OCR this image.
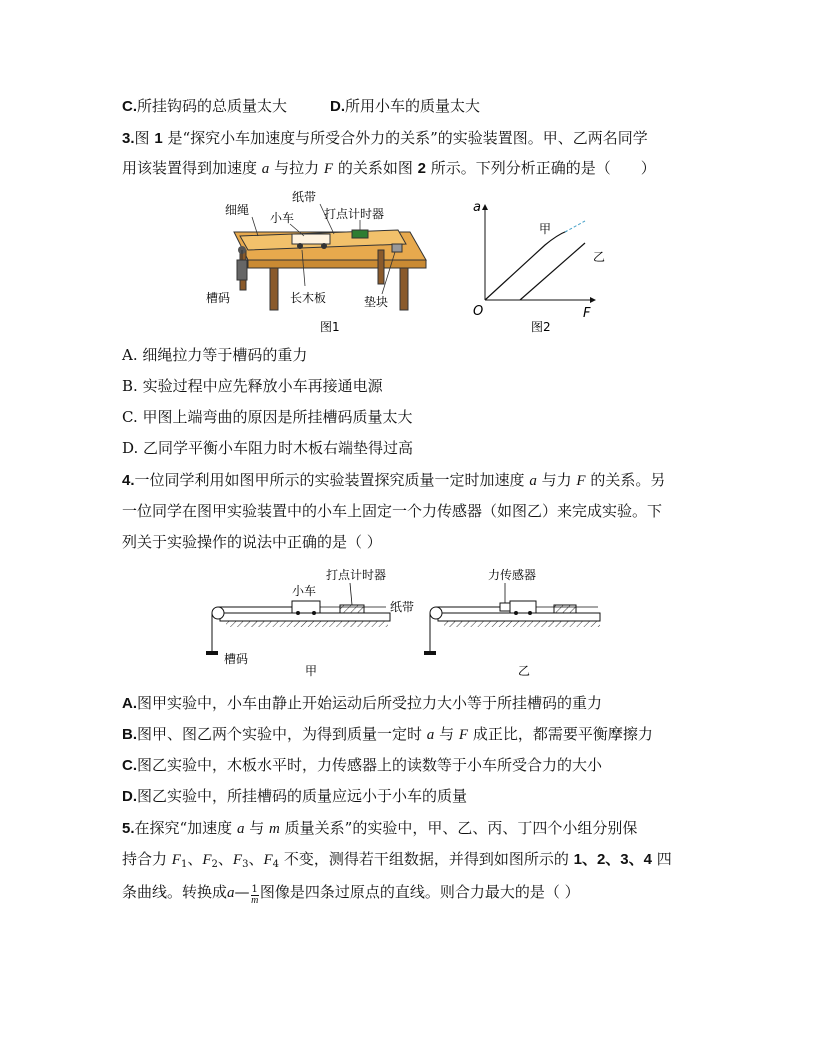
C.所挂钩码的总质量太大	D.所用小车的质量太大
3.图 1 是“探究小车加速度与所受合外力的关系”的实验装置图。甲、乙两名同学
用该装置得到加速度 a 与拉力 F 的关系如图 2 所示。下列分析正确的是（　　）
细绳
小车
纸带
打点计时器
槽码	长木板	垫块
图1
a
F
O
甲
乙
图2
A. 细绳拉力等于槽码的重力
B. 实验过程中应先释放小车再接通电源
C. 甲图上端弯曲的原因是所挂槽码质量太大
D. 乙同学平衡小车阻力时木板右端垫得过高
4.一位同学利用如图甲所示的实验装置探究质量一定时加速度 a 与力 F 的关系。另
一位同学在图甲实验装置中的小车上固定一个力传感器（如图乙）来完成实验。下
列关于实验操作的说法中正确的是（ ）
小车
打点计时器
纸带
槽码
甲
力传感器
乙
A.图甲实验中，小车由静止开始运动后所受拉力大小等于所挂槽码的重力
B.图甲、图乙两个实验中，为得到质量一定时 a 与 F 成正比，都需要平衡摩擦力
C.图乙实验中，木板水平时，力传感器上的读数等于小车所受合力的大小
D.图乙实验中，所挂槽码的质量应远小于小车的质量
5.在探究“加速度 a 与 m 质量关系”的实验中，甲、乙、丙、丁四个小组分别保
持合力 $F_1$、$F_2$、$F_3$、$F_4$ 不变，测得若干组数据，并得到如图所示的 1、2、3、4 四
条曲线。转换成a— $\frac{1}{m}$ 图像是四条过原点的直线。则合力最大的是（ ）
